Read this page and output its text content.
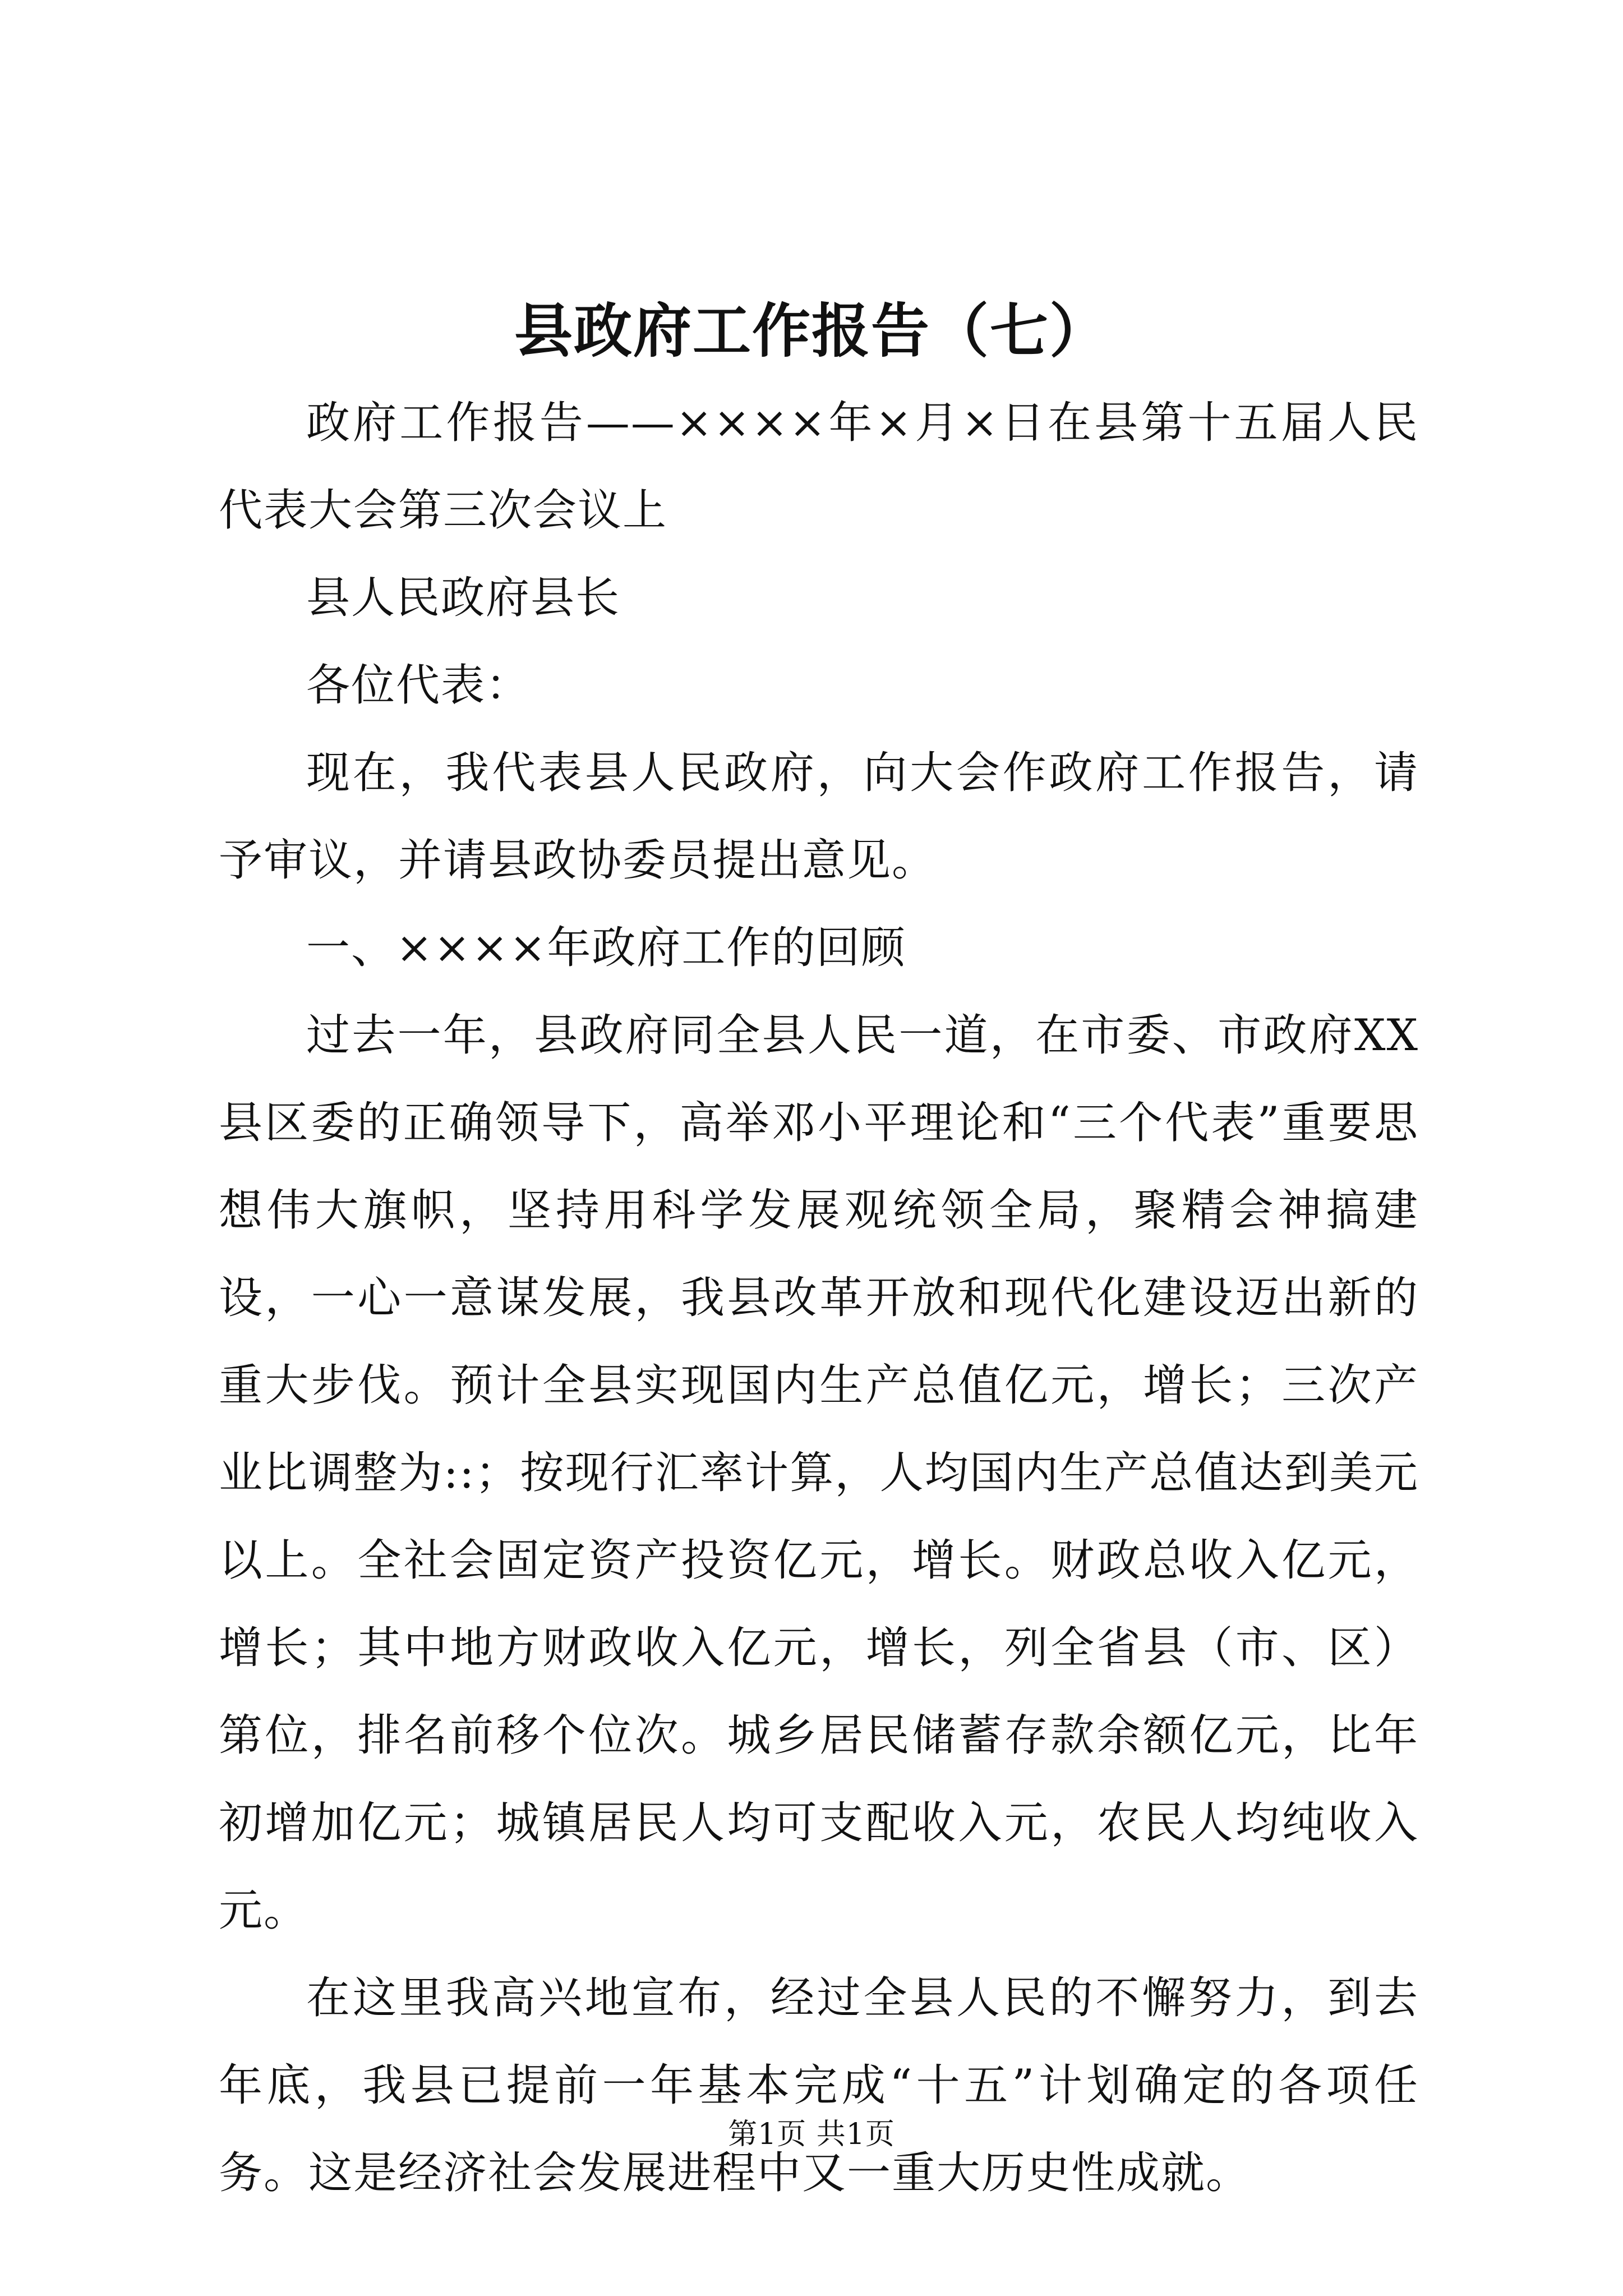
县政府工作报告（七）

政府工作报告——××××年×月×日在县第十五届人民代表大会第三次会议上

县人民政府县长

各位代表：

现在，我代表县人民政府，向大会作政府工作报告，请予审议，并请县政协委员提出意见。

一、××××年政府工作的回顾

过去一年，县政府同全县人民一道，在市委、市政府XX县区委的正确领导下，高举邓小平理论和“三个代表”重要思想伟大旗帜，坚持用科学发展观统领全局，聚精会神搞建设，一心一意谋发展，我县改革开放和现代化建设迈出新的重大步伐。预计全县实现国内生产总值亿元，增长；三次产业比调整为::；按现行汇率计算，人均国内生产总值达到美元以上。全社会固定资产投资亿元，增长。财政总收入亿元，增长；其中地方财政收入亿元，增长，列全省县（市、区）第位，排名前移个位次。城乡居民储蓄存款余额亿元，比年初增加亿元；城镇居民人均可支配收入元，农民人均纯收入元。

在这里我高兴地宣布，经过全县人民的不懈努力，到去年底，我县已提前一年基本完成“十五”计划确定的各项任务。这是经济社会发展进程中又一重大历史性成就。

第1页 共1页
